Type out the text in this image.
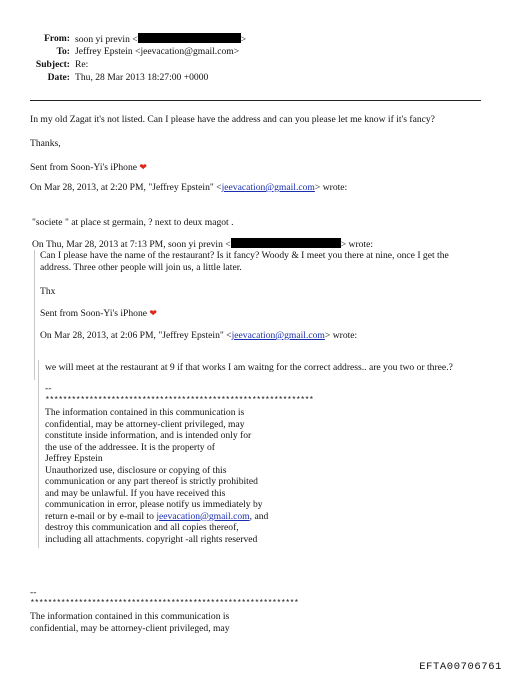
From: soon yi previn <	>
To: Jeffrey Epstein <jeevacation@gmail.com>
Subject: Re:
Date: Thu, 28 Mar 2013 18:27:00 +0000
In my old Zagat it's not listed. Can I please have the address and can you please let me know if it's fancy?
Thanks,
Sent from Soon-Yi's iPhone ❤
On Mar 28, 2013, at 2:20 PM, "Jeffrey Epstein" <jeevacation@gmail.com> wrote:
"societe " at place st germain, ? next to deux magot .
On Thu, Mar 28, 2013 at 7:13 PM, soon yi previn <	> wrote:
Can I please have the name of the restaurant? Is it fancy? Woody & I meet you there at nine, once I get the address. Three other people will join us, a little later.
Thx
Sent from Soon-Yi's iPhone ❤
On Mar 28, 2013, at 2:06 PM, "Jeffrey Epstein" <jeevacation@gmail.com> wrote:
we will meet at the restaurant at 9 if that works I am waitng for the correct address.. are you two or three.?
--
*************************************************************
The information contained in this communication is
confidential, may be attorney-client privileged, may
constitute inside information, and is intended only for
the use of the addressee. It is the property of
Jeffrey Epstein
Unauthorized use, disclosure or copying of this
communication or any part thereof is strictly prohibited
and may be unlawful. If you have received this
communication in error, please notify us immediately by
return e-mail or by e-mail to jeevacation@gmail.com, and
destroy this communication and all copies thereof,
including all attachments. copyright -all rights reserved
--
*************************************************************
The information contained in this communication is
confidential, may be attorney-client privileged, may
EFTA00706761
